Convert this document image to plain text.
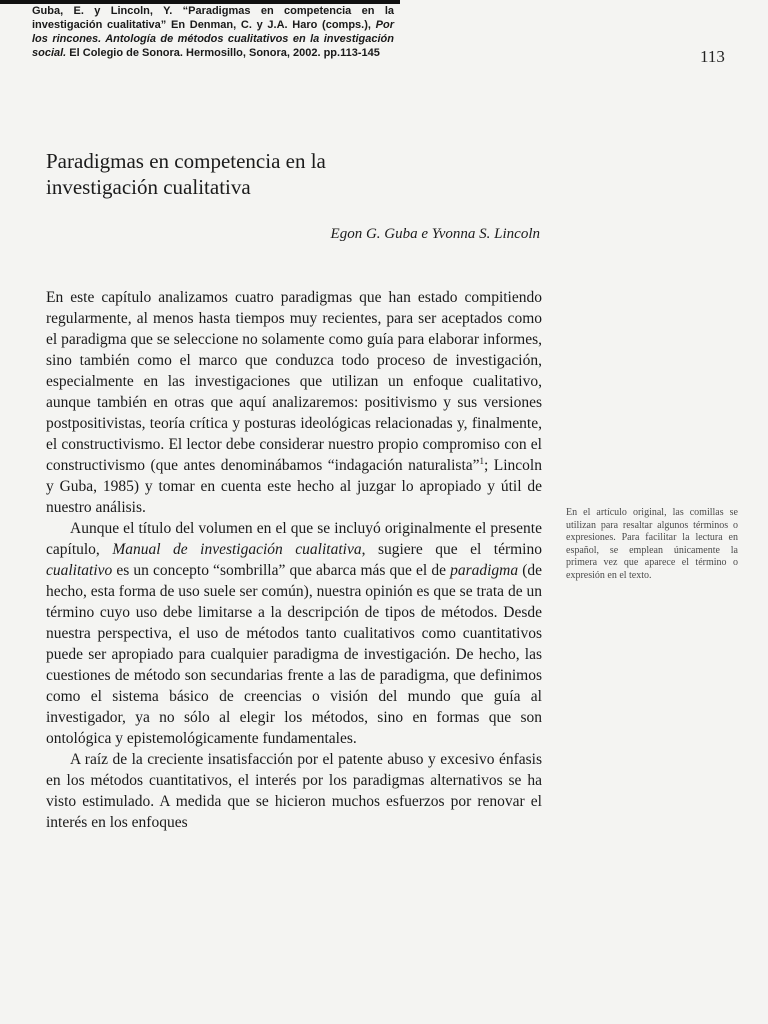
Guba, E. y Lincoln, Y. “Paradigmas en competencia en la investigación cualitativa” En Denman, C. y J.A. Haro (comps.), Por los rincones. Antología de métodos cualitativos en la investigación social. El Colegio de Sonora. Hermosillo, Sonora, 2002. pp.113-145	113
Paradigmas en competencia en la
investigación cualitativa
Egon G. Guba e Yvonna S. Lincoln

En este capítulo analizamos cuatro paradigmas que han estado compitiendo regularmente, al menos hasta tiempos muy recientes, para ser aceptados como el paradigma que se seleccione no solamente como guía para elaborar informes, sino también como el marco que conduzca todo proceso de investigación, especialmente en las investigaciones que utilizan un enfoque cualitativo, aunque también en otras que aquí analizaremos: positivismo y sus versiones postpositivistas, teoría crítica y posturas ideológicas relacionadas y, finalmente, el constructivismo. El lector debe considerar nuestro propio compromiso con el constructivismo (que antes denominábamos “indagación naturalista”$^1$; Lincoln y Guba, 1985) y tomar en cuenta este hecho al juzgar lo apropiado y útil de nuestro análisis.

Aunque el título del volumen en el que se incluyó originalmente el presente capítulo, Manual de investigación cualitativa, sugiere que el término cualitativo es un concepto “sombrilla” que abarca más que el de paradigma (de hecho, esta forma de uso suele ser común), nuestra opinión es que se trata de un término cuyo uso debe limitarse a la descripción de tipos de métodos. Desde nuestra perspectiva, el uso de métodos tanto cualitativos como cuantitativos puede ser apropiado para cualquier paradigma de investigación. De hecho, las cuestiones de método son secundarias frente a las de paradigma, que definimos como el sistema básico de creencias o visión del mundo que guía al investigador, ya no sólo al elegir los métodos, sino en formas que son ontológica y epistemológicamente fundamentales.

A raíz de la creciente insatisfacción por el patente abuso y excesivo énfasis en los métodos cuantitativos, el interés por los paradigmas alternativos se ha visto estimulado. A medida que se hicieron muchos esfuerzos por renovar el interés en los enfoques

En el artículo original, las comillas se utilizan para resaltar algunos términos o expresiones. Para facilitar la lectura en español, se emplean únicamente la primera vez que aparece el término o expresión en el texto.
